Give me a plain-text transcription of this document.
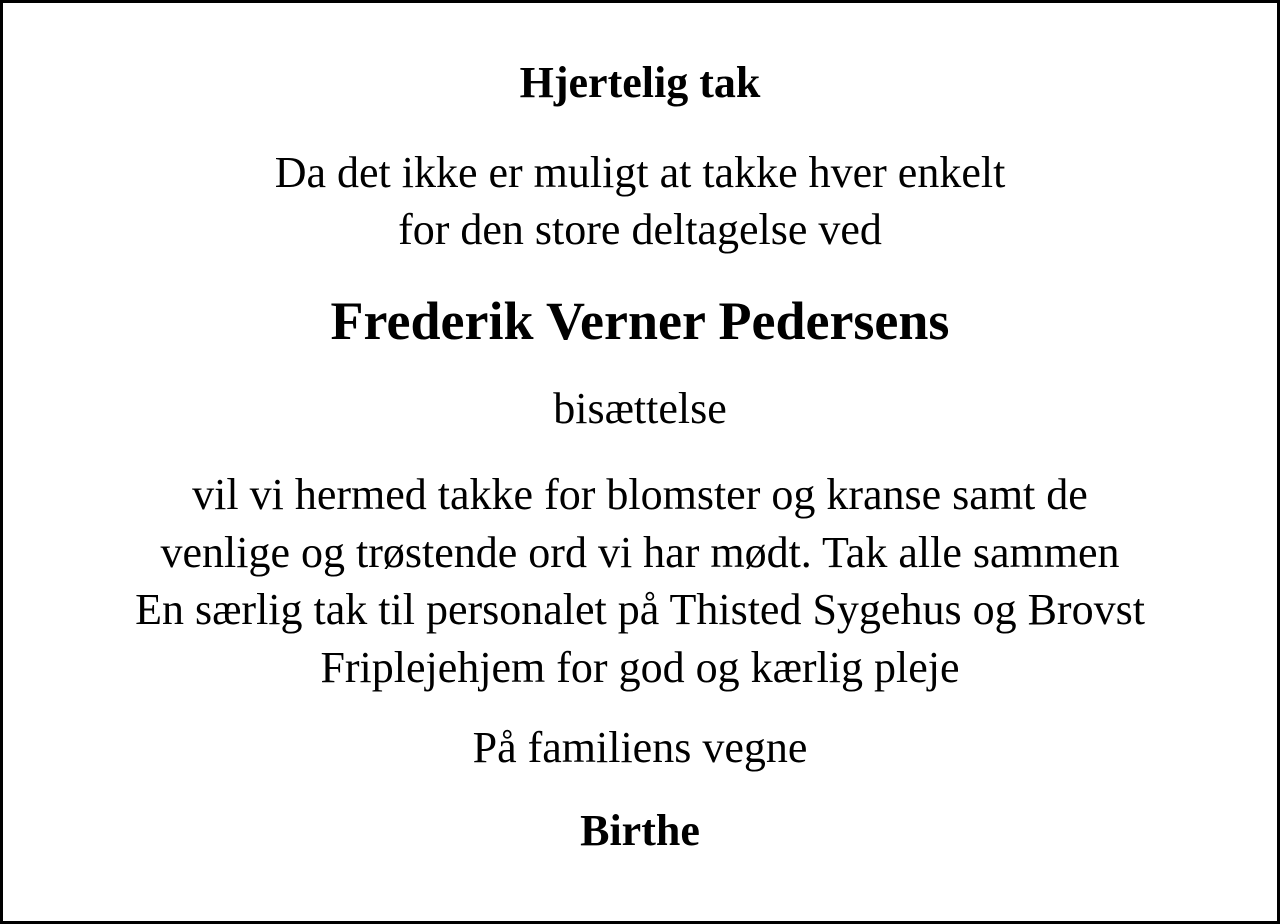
Hjertelig tak

Da det ikke er muligt at takke hver enkelt
for den store deltagelse ved

Frederik Verner Pedersens

bisættelse

vil vi hermed takke for blomster og kranse samt de
venlige og trøstende ord vi har mødt. Tak alle sammen
En særlig tak til personalet på Thisted Sygehus og Brovst
Friplejehjem for god og kærlig pleje

På familiens vegne

Birthe
